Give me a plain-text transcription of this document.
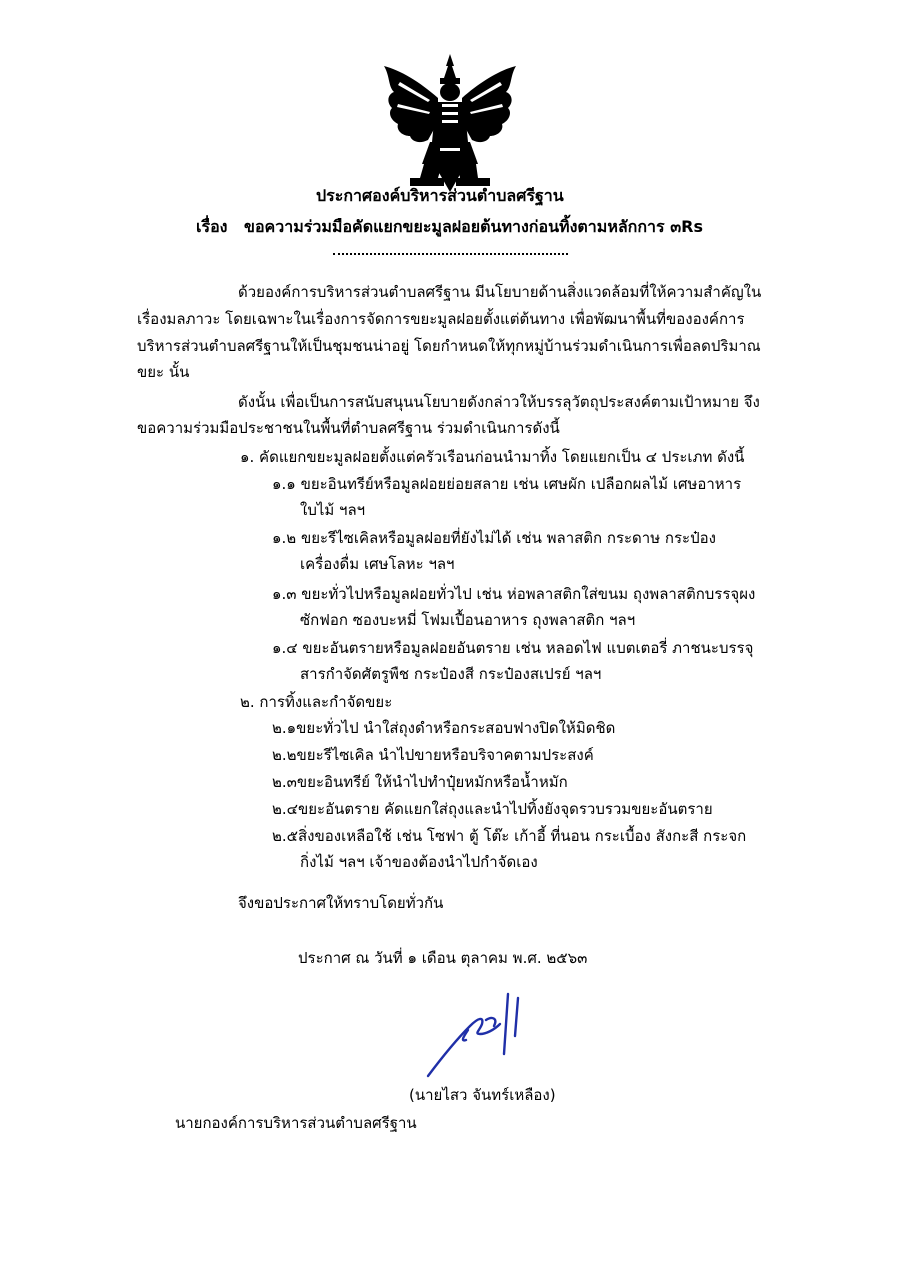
ประกาศองค์บริหารส่วนตำบลศรีฐาน
เรื่อง ขอความร่วมมือคัดแยกขยะมูลฝอยต้นทางก่อนทิ้งตามหลักการ ๓Rs
ด้วยองค์การบริหารส่วนตำบลศรีฐาน มีนโยบายด้านสิ่งแวดล้อมที่ให้ความสำคัญใน
เรื่องมลภาวะ โดยเฉพาะในเรื่องการจัดการขยะมูลฝอยตั้งแต่ต้นทาง เพื่อพัฒนาพื้นที่ขององค์การ
บริหารส่วนตำบลศรีฐานให้เป็นชุมชนน่าอยู่ โดยกำหนดให้ทุกหมู่บ้านร่วมดำเนินการเพื่อลดปริมาณ
ขยะ นั้น
ดังนั้น เพื่อเป็นการสนับสนุนนโยบายดังกล่าวให้บรรลุวัตถุประสงค์ตามเป้าหมาย จึง
ขอความร่วมมือประชาชนในพื้นที่ตำบลศรีฐาน ร่วมดำเนินการดังนี้
๑. คัดแยกขยะมูลฝอยตั้งแต่ครัวเรือนก่อนนำมาทิ้ง โดยแยกเป็น ๔ ประเภท ดังนี้
๑.๑ ขยะอินทรีย์หรือมูลฝอยย่อยสลาย เช่น เศษผัก เปลือกผลไม้ เศษอาหาร
ใบไม้ ฯลฯ
๑.๒ ขยะรีไซเคิลหรือมูลฝอยที่ยังไม่ได้ เช่น พลาสติก กระดาษ กระป๋อง
เครื่องดื่ม เศษโลหะ ฯลฯ
๑.๓ ขยะทั่วไปหรือมูลฝอยทั่วไป เช่น ห่อพลาสติกใส่ขนม ถุงพลาสติกบรรจุผง
ซักฟอก ซองบะหมี่ โฟมเปื้อนอาหาร ถุงพลาสติก ฯลฯ
๑.๔ ขยะอันตรายหรือมูลฝอยอันตราย เช่น หลอดไฟ แบตเตอรี่ ภาชนะบรรจุ
สารกำจัดศัตรูพืช กระป๋องสี กระป๋องสเปรย์ ฯลฯ
๒. การทิ้งและกำจัดขยะ
๒.๑ขยะทั่วไป นำใส่ถุงดำหรือกระสอบฟางปิดให้มิดชิด
๒.๒ขยะรีไซเคิล นำไปขายหรือบริจาคตามประสงค์
๒.๓ขยะอินทรีย์ ให้นำไปทำปุ๋ยหมักหรือน้ำหมัก
๒.๔ขยะอันตราย คัดแยกใส่ถุงและนำไปทิ้งยังจุดรวบรวมขยะอันตราย
๒.๕สิ่งของเหลือใช้ เช่น โซฟา ตู้ โต๊ะ เก้าอี้ ที่นอน กระเบื้อง สังกะสี กระจก
กิ่งไม้ ฯลฯ เจ้าของต้องนำไปกำจัดเอง
จึงขอประกาศให้ทราบโดยทั่วกัน
ประกาศ ณ วันที่ ๑ เดือน ตุลาคม พ.ศ. ๒๕๖๓
(นายไสว จันทร์เหลือง)
นายกองค์การบริหารส่วนตำบลศรีฐาน
